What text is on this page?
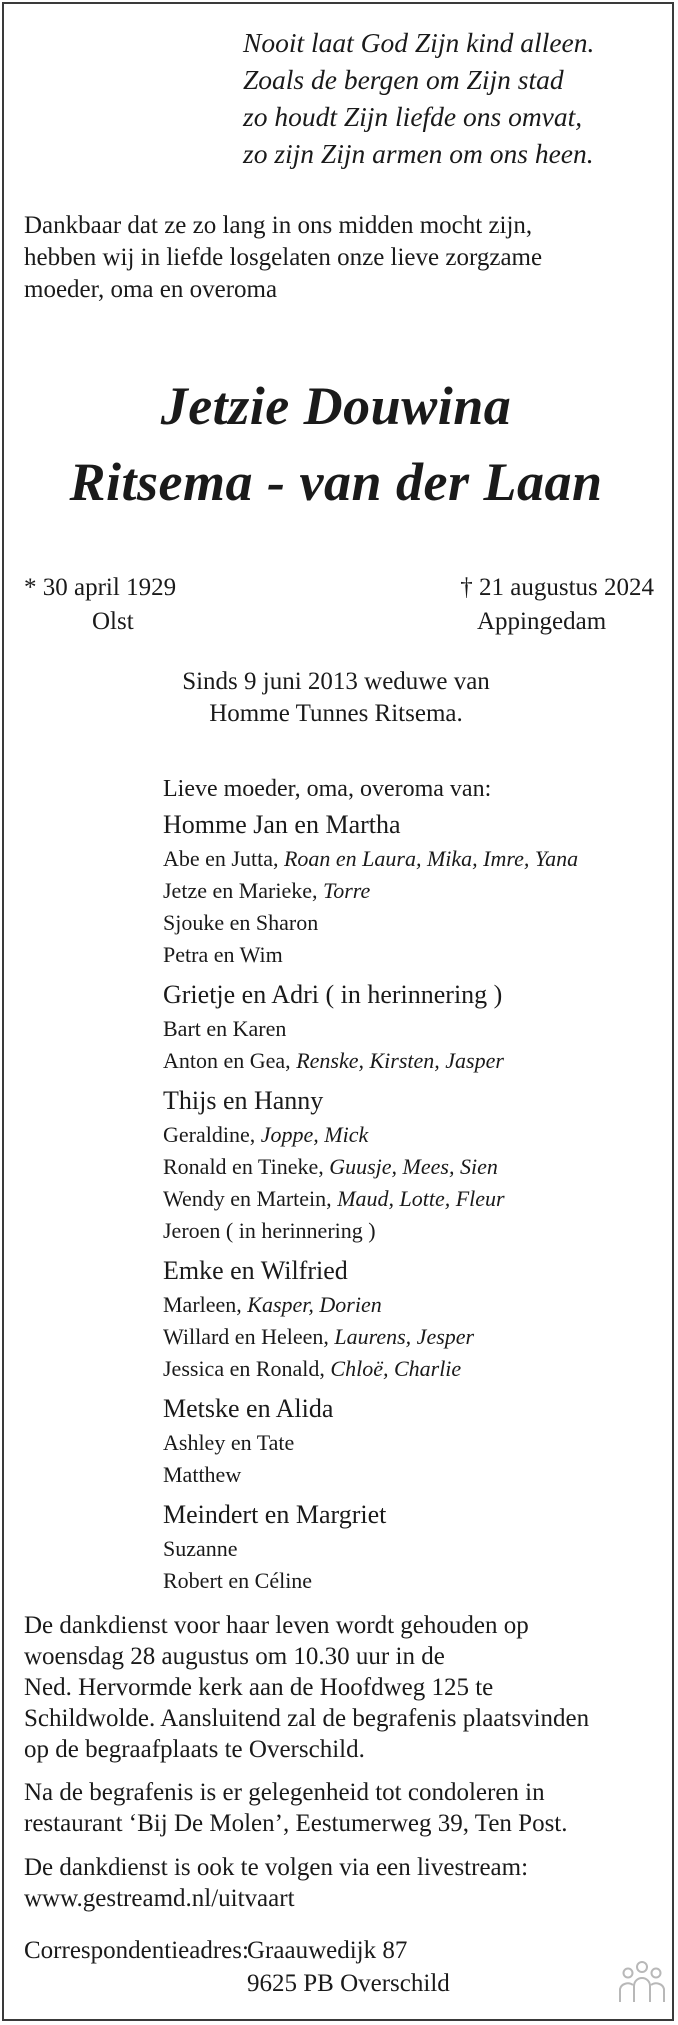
Nooit laat God Zijn kind alleen.
Zoals de bergen om Zijn stad
zo houdt Zijn liefde ons omvat,
zo zijn Zijn armen om ons heen.
Dankbaar dat ze zo lang in ons midden mocht zijn,
hebben wij in liefde losgelaten onze lieve zorgzame
moeder, oma en overoma
Jetzie Douwina
Ritsema - van der Laan
* 30 april 1929
Olst
† 21 augustus 2024
Appingedam
Sinds 9 juni 2013 weduwe van
Homme Tunnes Ritsema.
Lieve moeder, oma, overoma van:
Homme Jan en Martha
Abe en Jutta, Roan en Laura, Mika, Imre, Yana
Jetze en Marieke, Torre
Sjouke en Sharon
Petra en Wim
Grietje en Adri ( in herinnering )
Bart en Karen
Anton en Gea, Renske, Kirsten, Jasper
Thijs en Hanny
Geraldine, Joppe, Mick
Ronald en Tineke, Guusje, Mees, Sien
Wendy en Martein, Maud, Lotte, Fleur
Jeroen ( in herinnering )
Emke en Wilfried
Marleen, Kasper, Dorien
Willard en Heleen, Laurens, Jesper
Jessica en Ronald, Chloë, Charlie
Metske en Alida
Ashley en Tate
Matthew
Meindert en Margriet
Suzanne
Robert en Céline
De dankdienst voor haar leven wordt gehouden op
woensdag 28 augustus om 10.30 uur in de
Ned. Hervormde kerk aan de Hoofdweg 125 te
Schildwolde. Aansluitend zal de begrafenis plaatsvinden
op de begraafplaats te Overschild.
Na de begrafenis is er gelegenheid tot condoleren in
restaurant ‘Bij De Molen’, Eestumerweg 39, Ten Post.
De dankdienst is ook te volgen via een livestream:
www.gestreamd.nl/uitvaart
Correspondentieadres:
Graauwedijk 87
9625 PB Overschild
